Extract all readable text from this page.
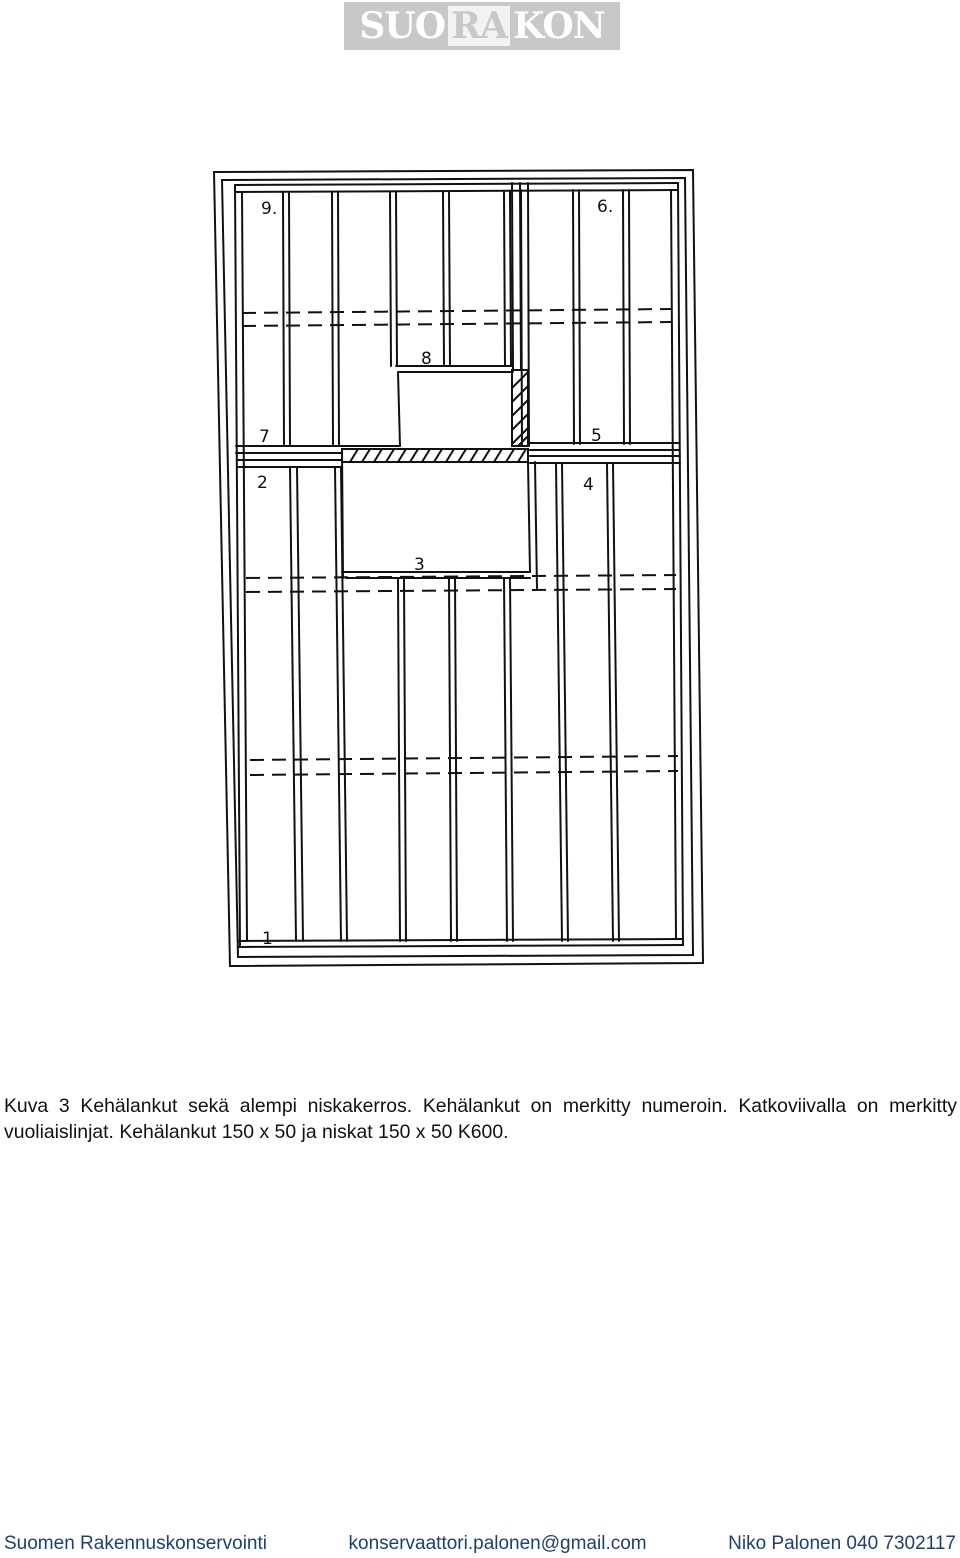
SUO RA KON
1
2
3
4
5
6.
7
8
9.

Kuva 3 Kehälankut sekä alempi niskakerros. Kehälankut on merkitty numeroin. Katkoviivalla on merkitty vuoliaislinjat. Kehälankut 150 x 50 ja niskat 150 x 50 K600.

Suomen Rakennuskonservointi	konservaattori.palonen@gmail.com	Niko Palonen 040 7302117
